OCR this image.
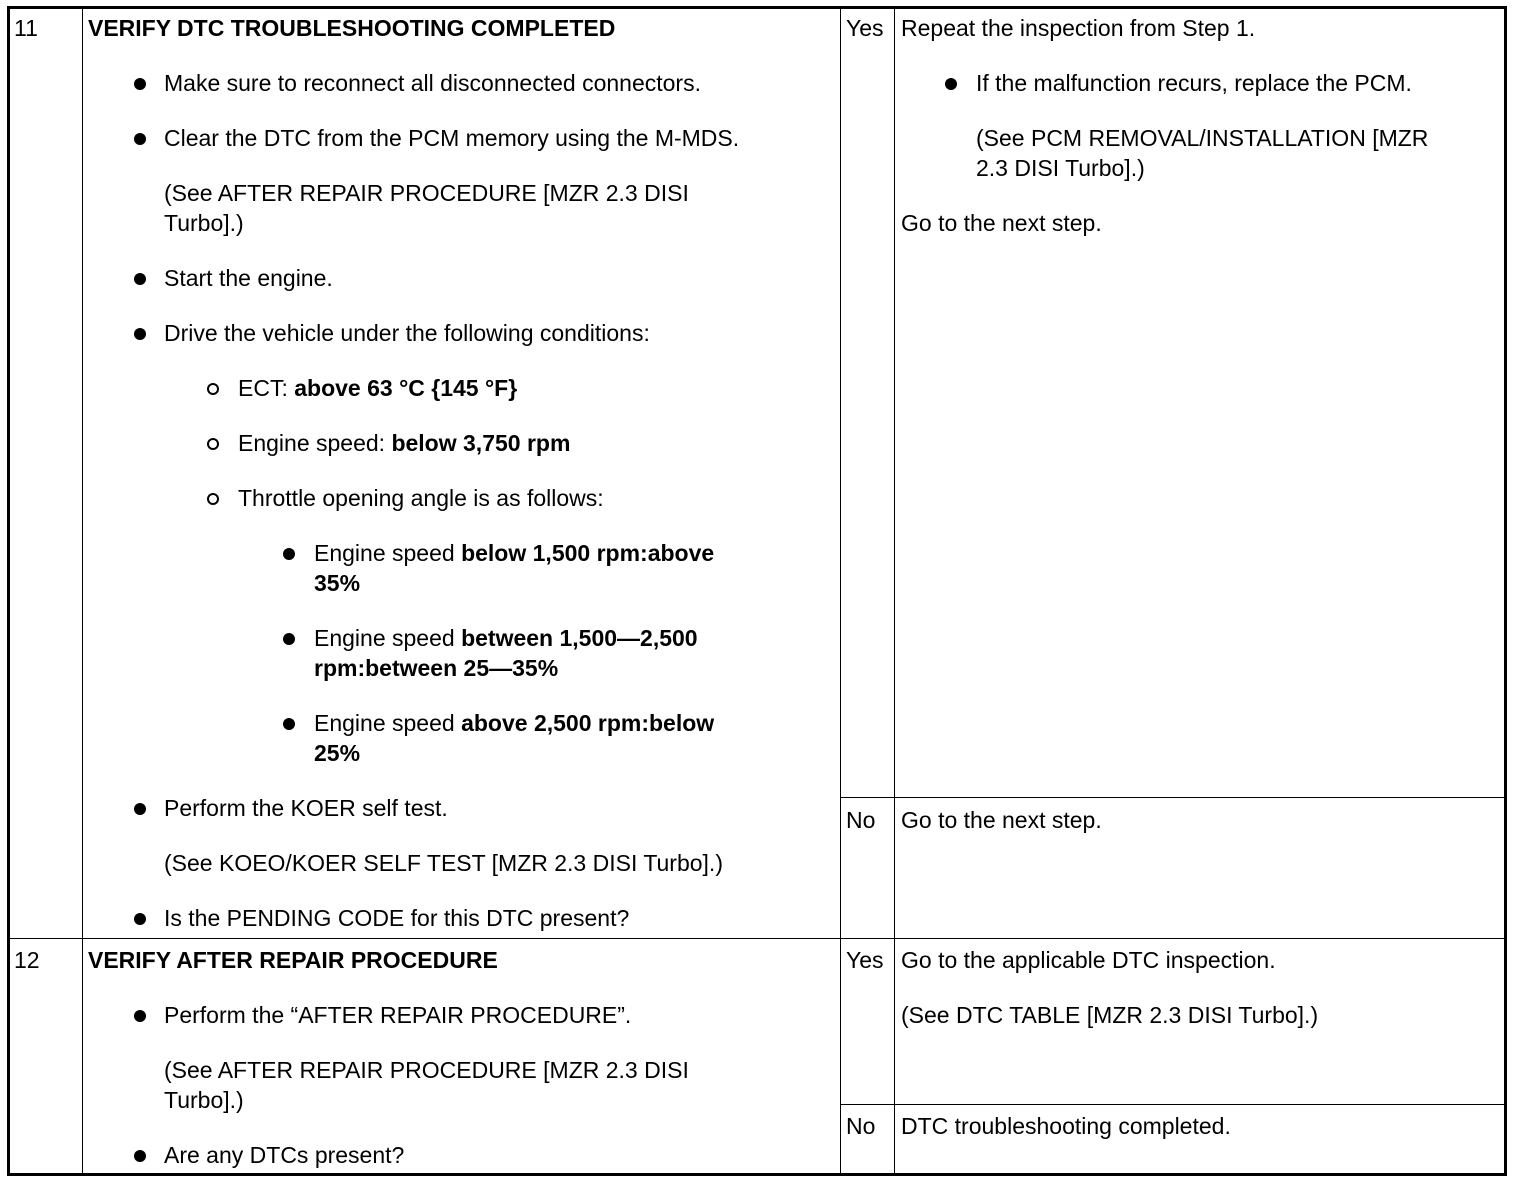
11 VERIFY DTC TROUBLESHOOTING COMPLETED
Make sure to reconnect all disconnected connectors.
Clear the DTC from the PCM memory using the M-MDS.
(See AFTER REPAIR PROCEDURE [MZR 2.3 DISI
Turbo].)
Start the engine.
Drive the vehicle under the following conditions:
ECT: above 63 °C {145 °F}
Engine speed: below 3,750 rpm
Throttle opening angle is as follows:
Engine speed below 1,500 rpm:above
35%
Engine speed between 1,500—2,500
rpm:between 25—35%
Engine speed above 2,500 rpm:below
25%
Perform the KOER self test.
(See KOEO/KOER SELF TEST [MZR 2.3 DISI Turbo].)
Is the PENDING CODE for this DTC present?
Yes Repeat the inspection from Step 1.
If the malfunction recurs, replace the PCM.
(See PCM REMOVAL/INSTALLATION [MZR
2.3 DISI Turbo].)
Go to the next step.
No Go to the next step.
12 VERIFY AFTER REPAIR PROCEDURE
Perform the “AFTER REPAIR PROCEDURE”.
(See AFTER REPAIR PROCEDURE [MZR 2.3 DISI
Turbo].)
Are any DTCs present?
Yes Go to the applicable DTC inspection.
(See DTC TABLE [MZR 2.3 DISI Turbo].)
No DTC troubleshooting completed.
